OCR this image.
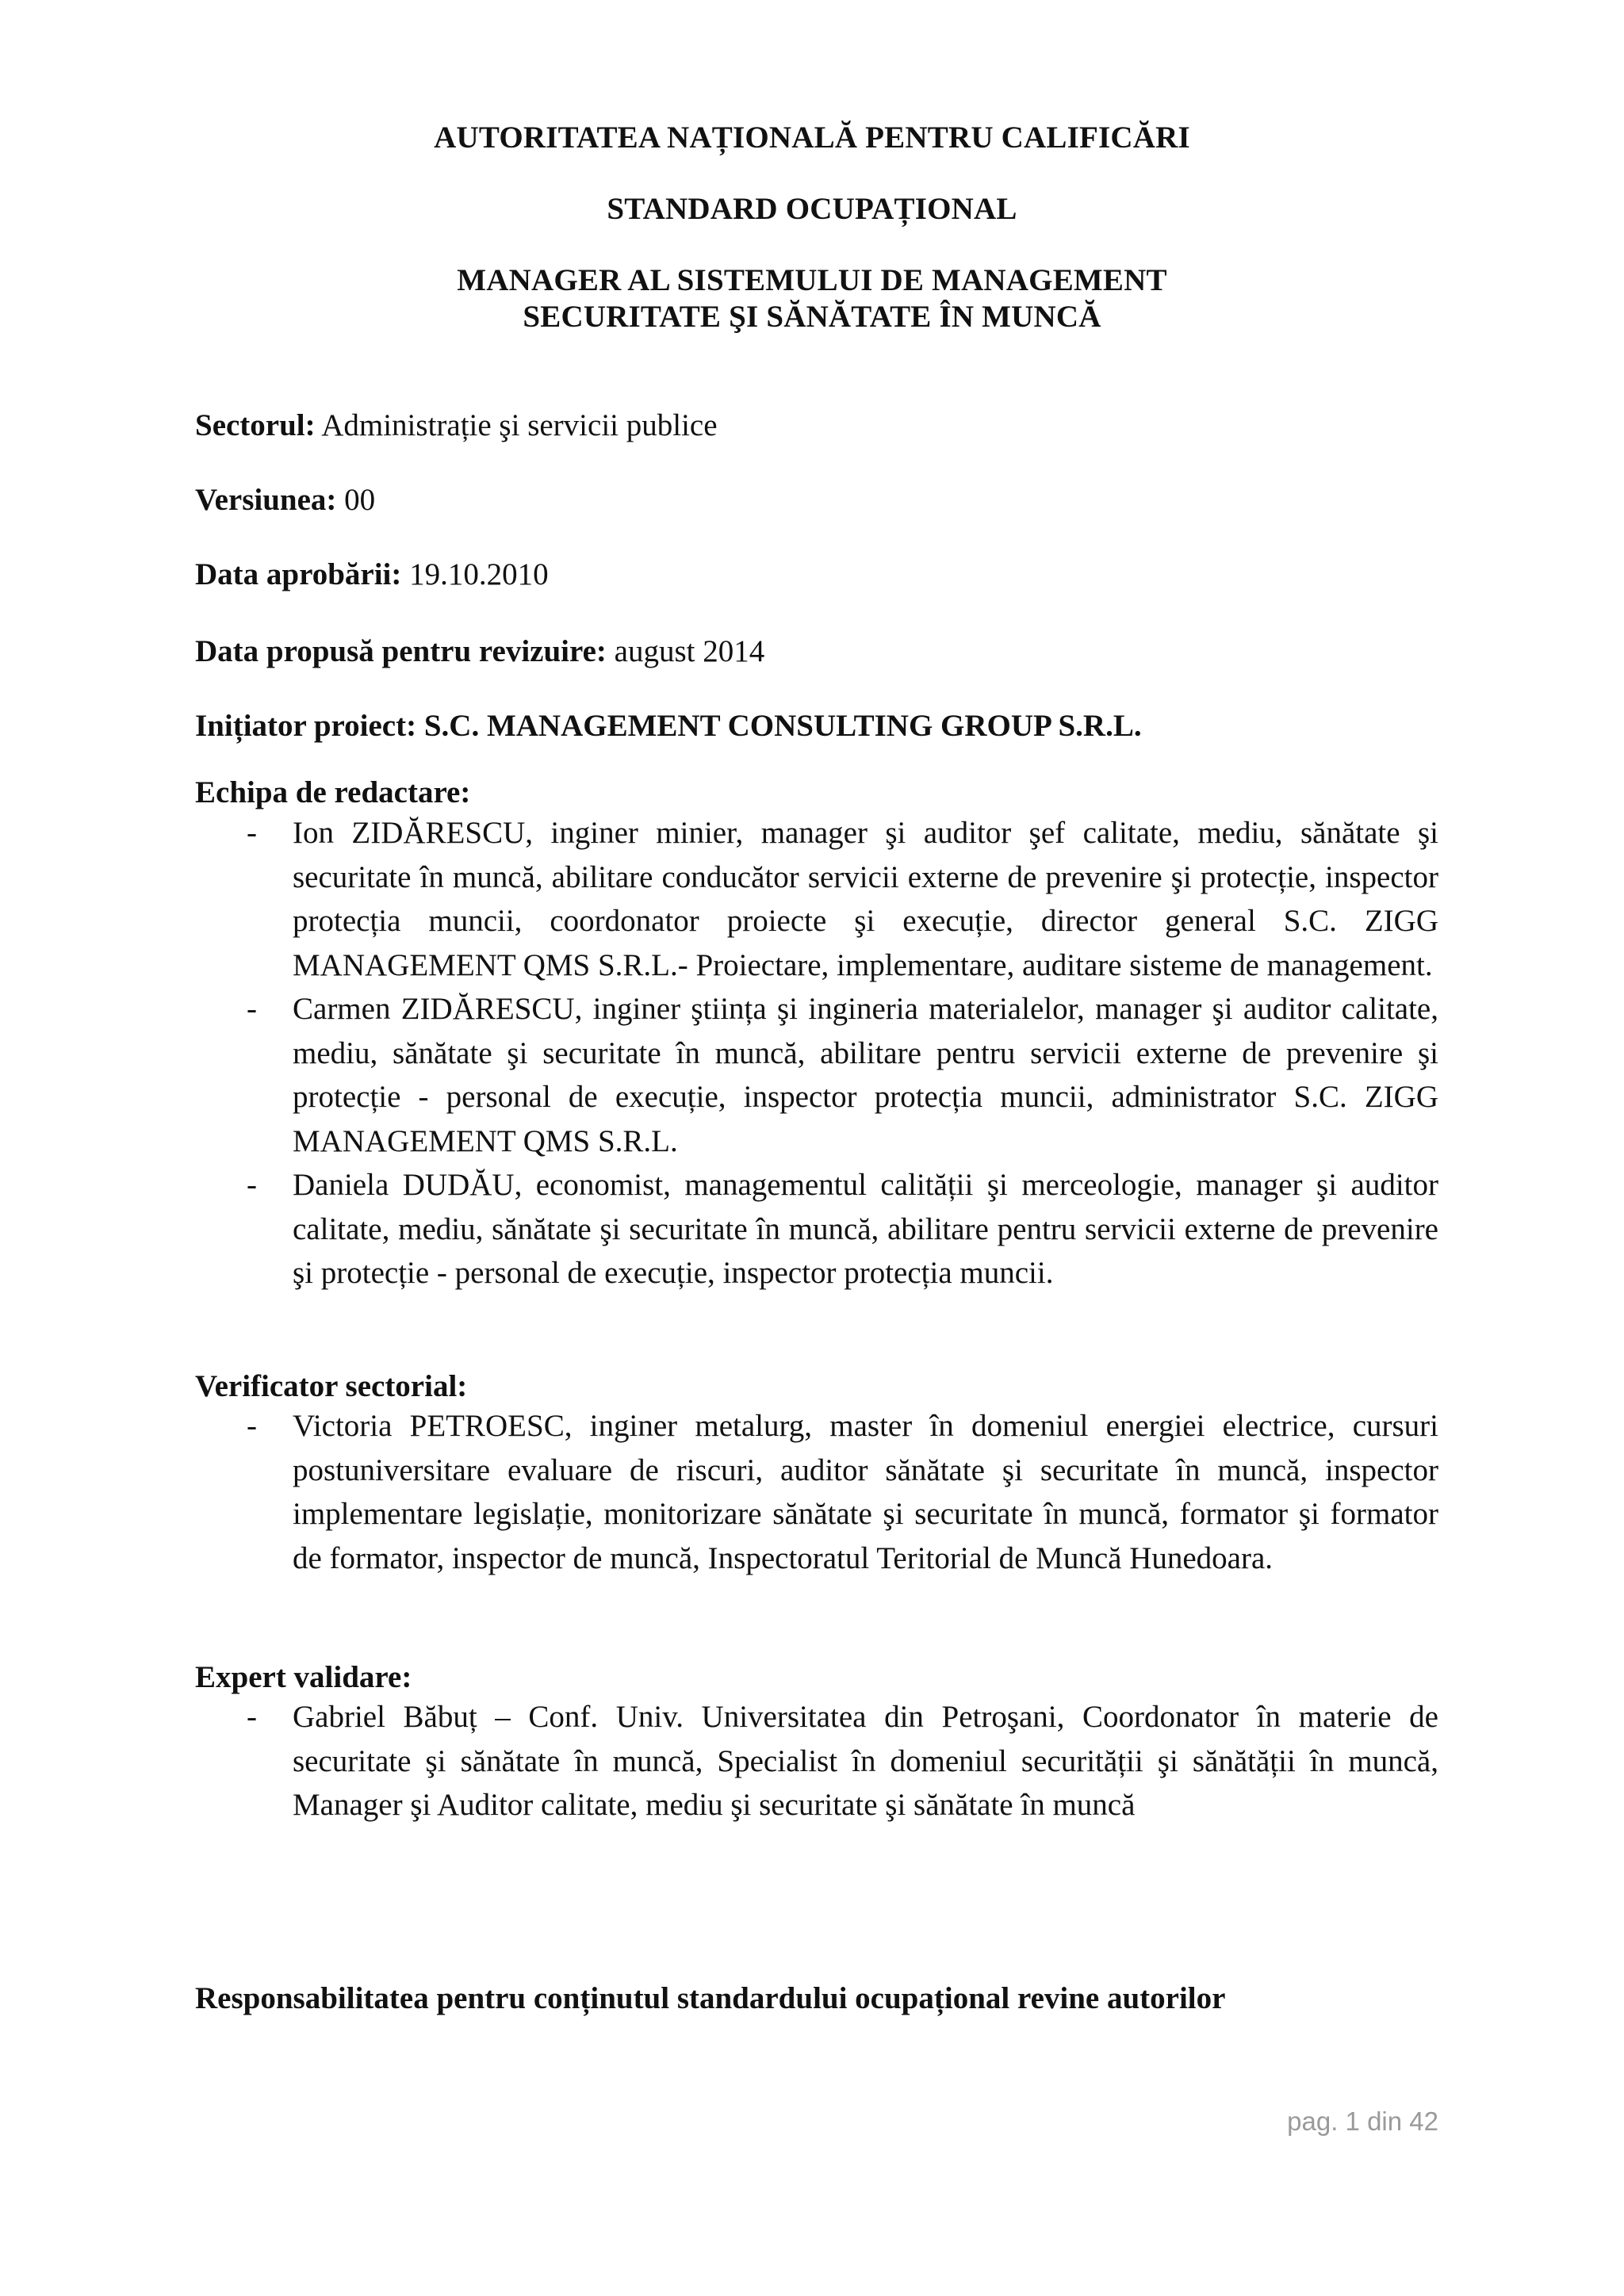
AUTORITATEA NAȚIONALĂ PENTRU CALIFICĂRI
STANDARD OCUPAȚIONAL
MANAGER AL SISTEMULUI DE MANAGEMENT
SECURITATE ŞI SĂNĂTATE ÎN MUNCĂ
Sectorul: Administrație şi servicii publice
Versiunea: 00
Data aprobării: 19.10.2010
Data propusă pentru revizuire: august 2014
Inițiator proiect: S.C. MANAGEMENT CONSULTING GROUP S.R.L.
Echipa de redactare:
- Ion ZIDĂRESCU, inginer minier, manager şi auditor şef calitate, mediu, sănătate şi securitate în muncă, abilitare conducător servicii externe de prevenire şi protecție, inspector protecția muncii, coordonator proiecte şi execuție, director general S.C. ZIGG MANAGEMENT QMS S.R.L.- Proiectare, implementare, auditare sisteme de management.
- Carmen ZIDĂRESCU, inginer ştiința şi ingineria materialelor, manager şi auditor calitate, mediu, sănătate şi securitate în muncă, abilitare pentru servicii externe de prevenire şi protecție - personal de execuție, inspector protecția muncii, administrator S.C. ZIGG MANAGEMENT QMS S.R.L.
- Daniela DUDĂU, economist, managementul calității şi merceologie, manager şi auditor calitate, mediu, sănătate şi securitate în muncă, abilitare pentru servicii externe de prevenire şi protecție - personal de execuție, inspector protecția muncii.
Verificator sectorial:
- Victoria PETROESC, inginer metalurg, master în domeniul energiei electrice, cursuri postuniversitare evaluare de riscuri, auditor sănătate şi securitate în muncă, inspector implementare legislație, monitorizare sănătate şi securitate în muncă, formator şi formator de formator, inspector de muncă, Inspectoratul Teritorial de Muncă Hunedoara.
Expert validare:
- Gabriel Băbuț – Conf. Univ. Universitatea din Petroşani, Coordonator în materie de securitate şi sănătate în muncă, Specialist în domeniul securității şi sănătății în muncă, Manager şi Auditor calitate, mediu şi securitate şi sănătate în muncă
Responsabilitatea pentru conținutul standardului ocupațional revine autorilor
pag. 1 din 42
